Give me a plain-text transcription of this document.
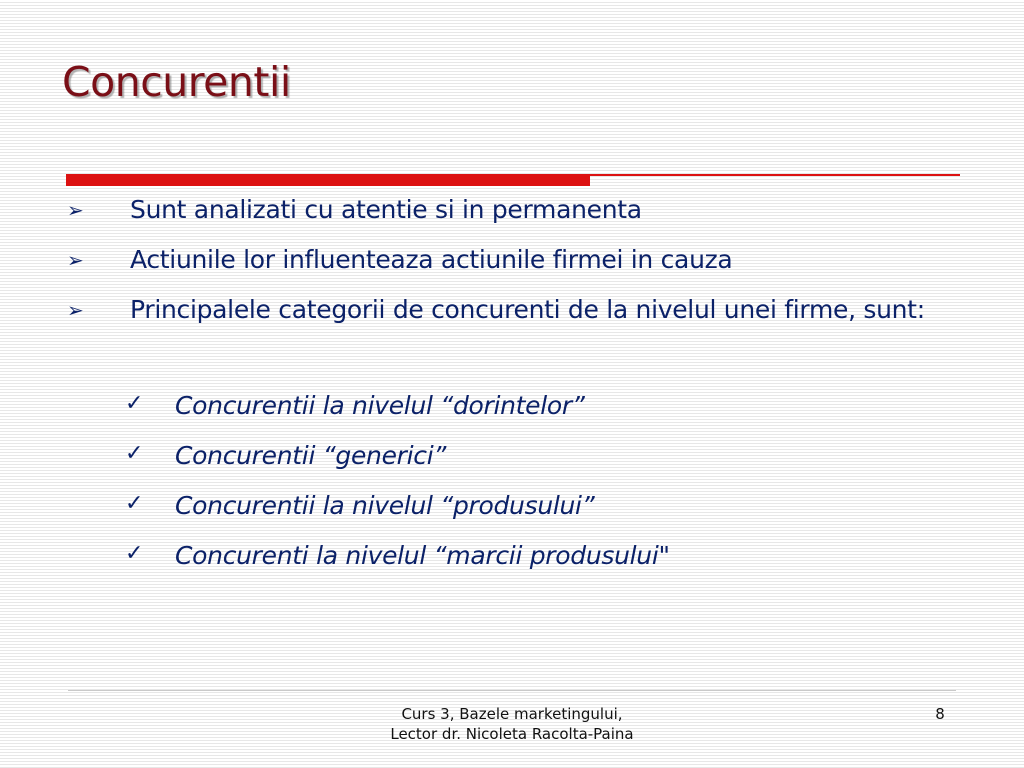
Concurentii
➢ Sunt analizati cu atentie si in permanenta
➢ Actiunile lor influenteaza actiunile firmei in cauza
➢ Principalele categorii de concurenti de la nivelul unei firme, sunt:
✓ Concurentii la nivelul “dorintelor”
✓ Concurentii “generici”
✓ Concurentii la nivelul “produsului”
✓ Concurenti la nivelul “marcii produsului"
Curs 3, Bazele marketingului,
Lector dr. Nicoleta Racolta-Paina
8
